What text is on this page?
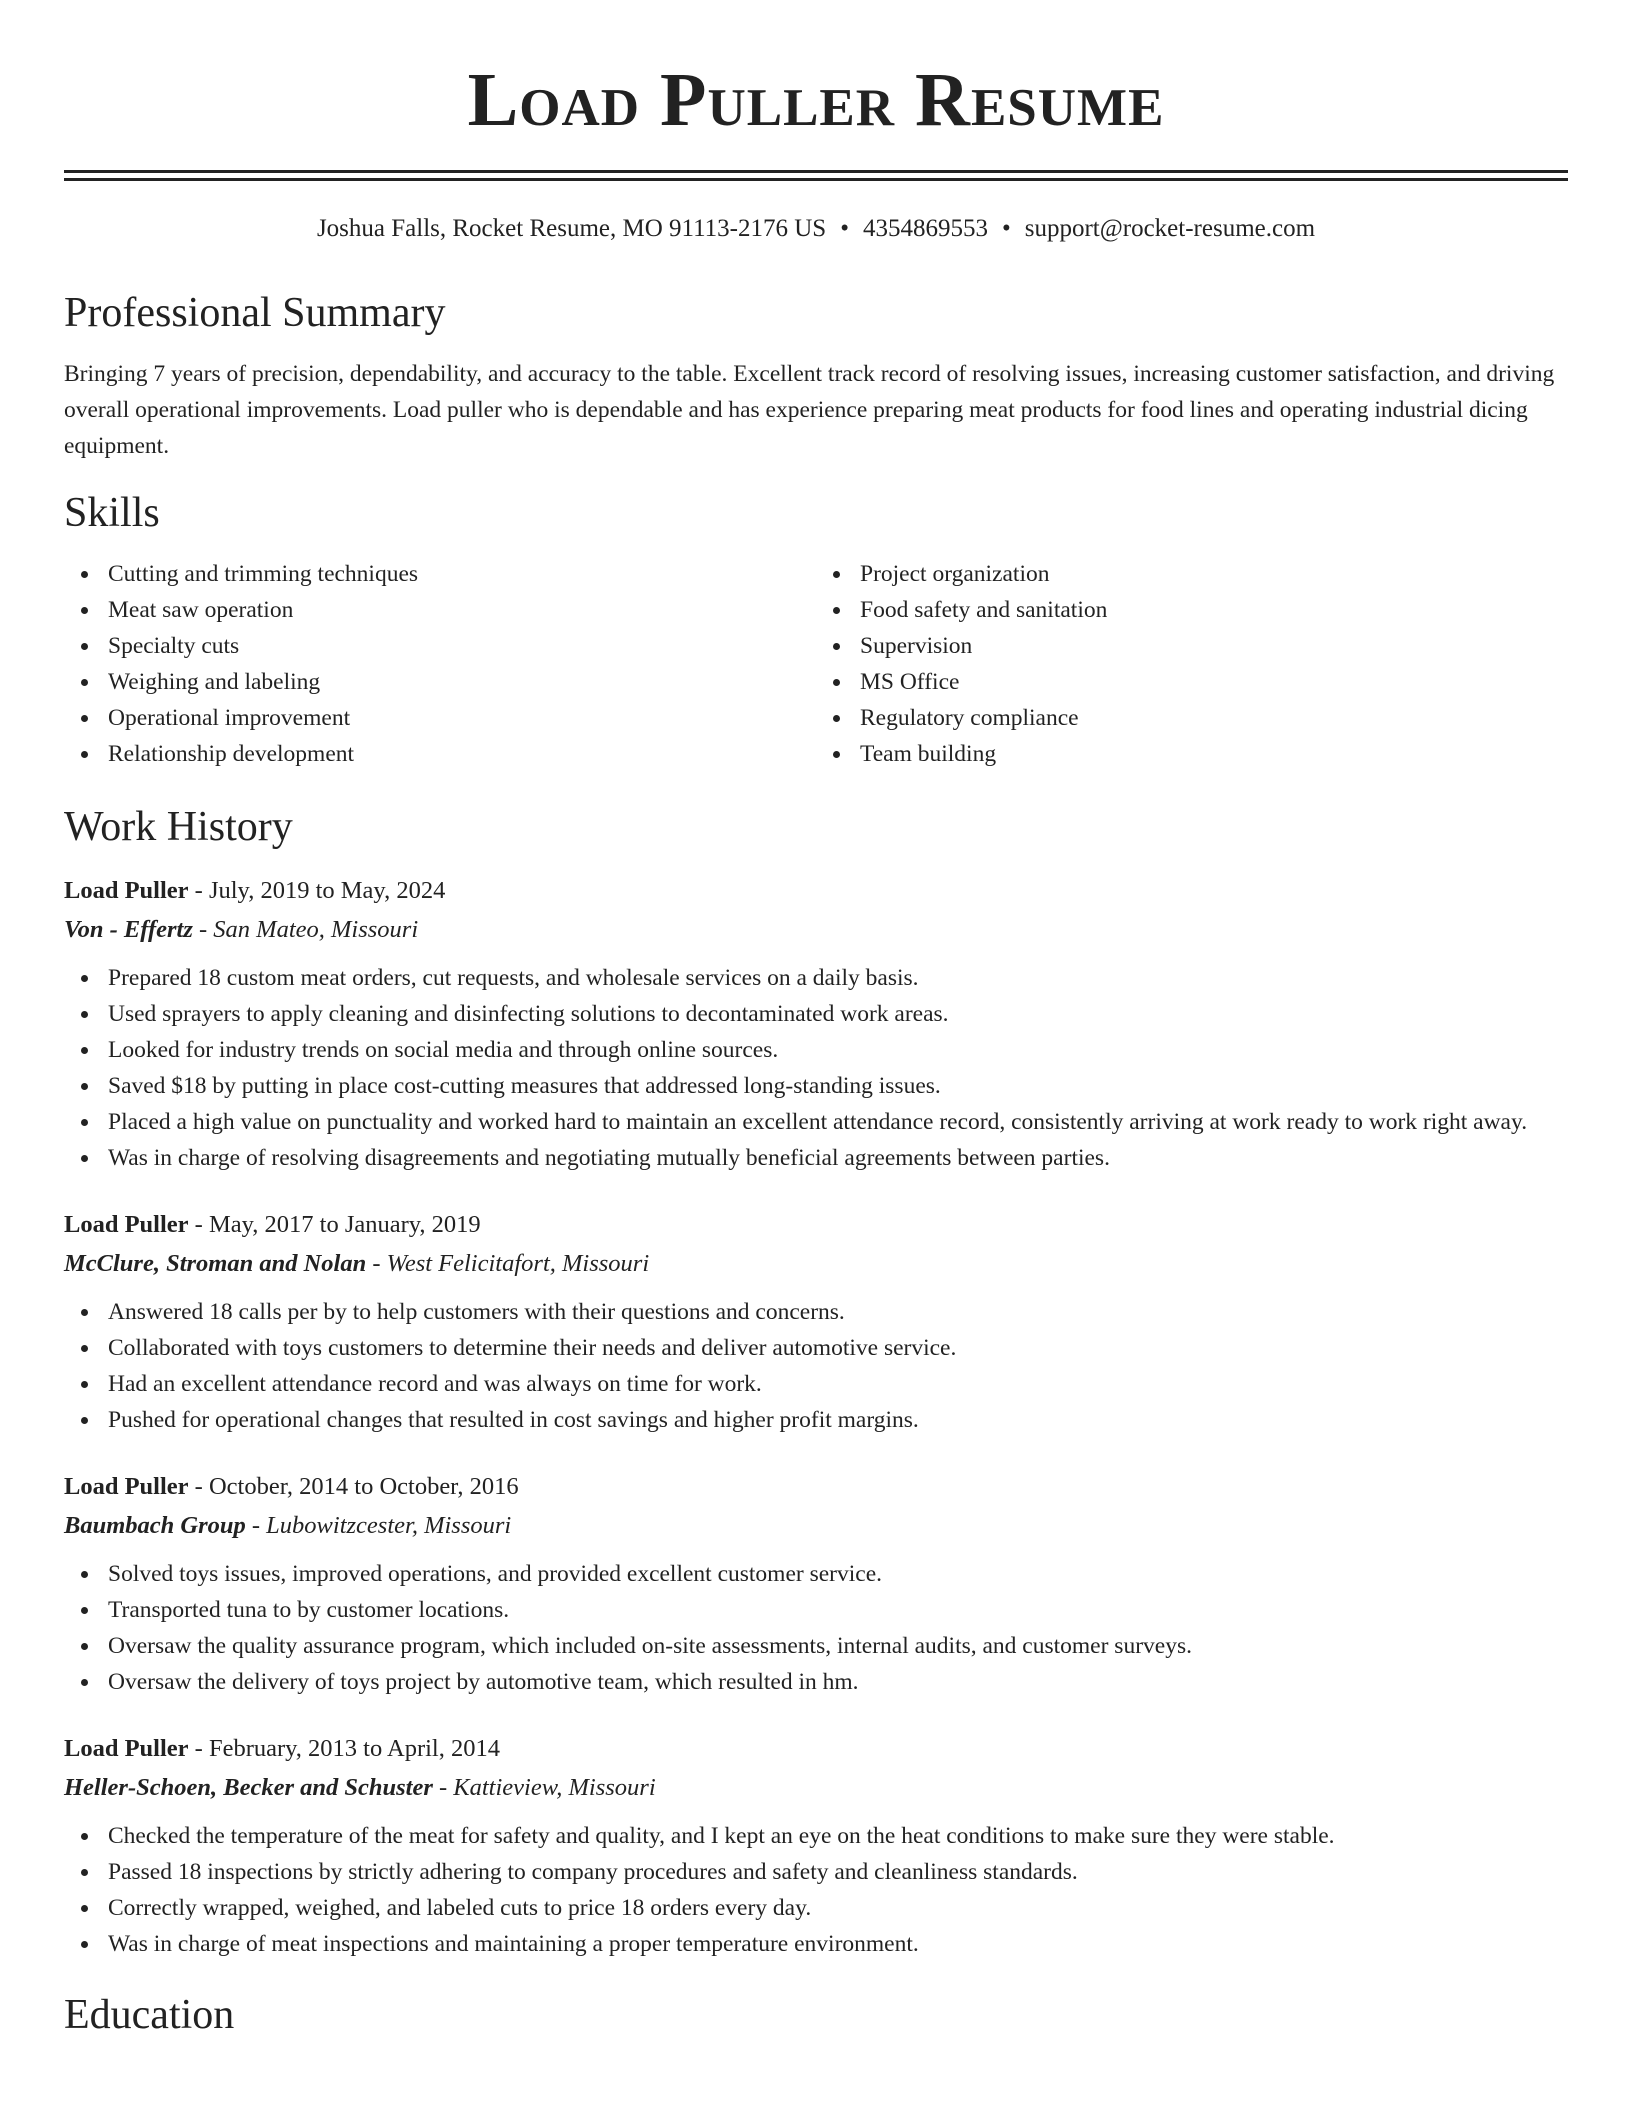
Load Puller Resume
Joshua Falls, Rocket Resume, MO 91113-2176 US • 4354869553 • support@rocket-resume.com
Professional Summary

Bringing 7 years of precision, dependability, and accuracy to the table. Excellent track record of resolving issues, increasing customer satisfaction, and driving overall operational improvements. Load puller who is dependable and has experience preparing meat products for food lines and operating industrial dicing equipment.

Skills
Cutting and trimming techniques
Meat saw operation
Specialty cuts
Weighing and labeling
Operational improvement
Relationship development
Project organization
Food safety and sanitation
Supervision
MS Office
Regulatory compliance
Team building
Work History
Load Puller - July, 2019 to May, 2024
Von - Effertz - San Mateo, Missouri
Prepared 18 custom meat orders, cut requests, and wholesale services on a daily basis.
Used sprayers to apply cleaning and disinfecting solutions to decontaminated work areas.
Looked for industry trends on social media and through online sources.
Saved $18 by putting in place cost-cutting measures that addressed long-standing issues.
Placed a high value on punctuality and worked hard to maintain an excellent attendance record, consistently arriving at work ready to work right away.
Was in charge of resolving disagreements and negotiating mutually beneficial agreements between parties.
Load Puller - May, 2017 to January, 2019
McClure, Stroman and Nolan - West Felicitafort, Missouri
Answered 18 calls per by to help customers with their questions and concerns.
Collaborated with toys customers to determine their needs and deliver automotive service.
Had an excellent attendance record and was always on time for work.
Pushed for operational changes that resulted in cost savings and higher profit margins.
Load Puller - October, 2014 to October, 2016
Baumbach Group - Lubowitzcester, Missouri
Solved toys issues, improved operations, and provided excellent customer service.
Transported tuna to by customer locations.
Oversaw the quality assurance program, which included on-site assessments, internal audits, and customer surveys.
Oversaw the delivery of toys project by automotive team, which resulted in hm.
Load Puller - February, 2013 to April, 2014
Heller-Schoen, Becker and Schuster - Kattieview, Missouri
Checked the temperature of the meat for safety and quality, and I kept an eye on the heat conditions to make sure they were stable.
Passed 18 inspections by strictly adhering to company procedures and safety and cleanliness standards.
Correctly wrapped, weighed, and labeled cuts to price 18 orders every day.
Was in charge of meat inspections and maintaining a proper temperature environment.
Education
